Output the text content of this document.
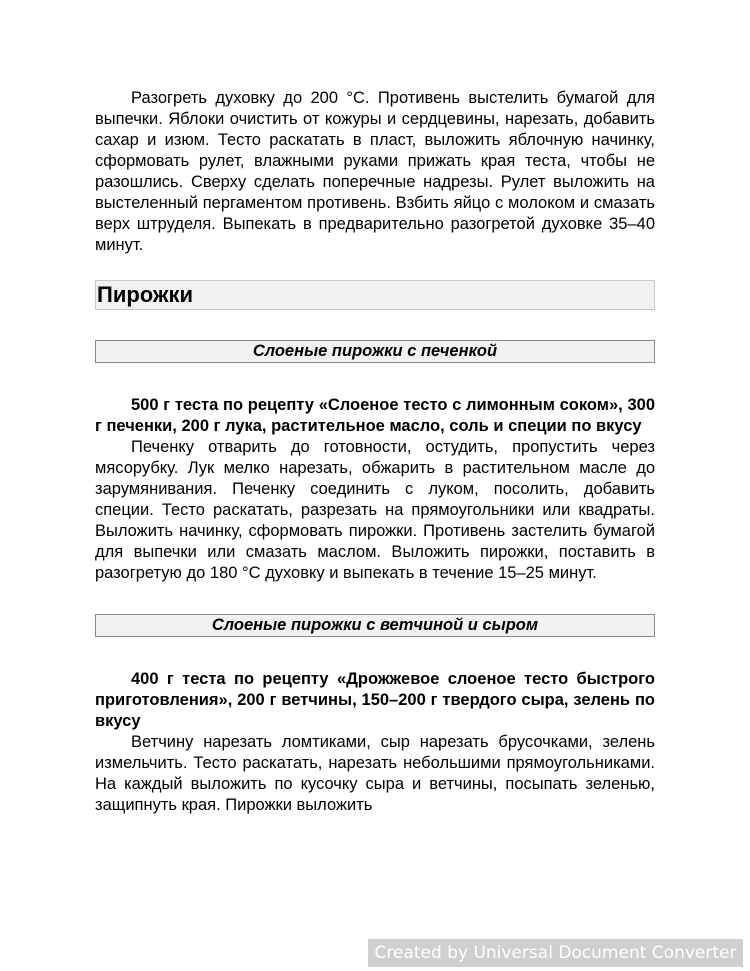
Разогреть духовку до 200 °С. Противень выстелить бумагой для выпечки. Яблоки очистить от кожуры и сердцевины, нарезать, добавить сахар и изюм. Тесто раскатать в пласт, выложить яблочную начинку, сформовать рулет, влажными руками прижать края теста, чтобы не разошлись. Сверху сделать поперечные надрезы. Рулет выложить на выстеленный пергаментом противень. Взбить яйцо с молоком и смазать верх штруделя. Выпекать в предварительно разогретой духовке 35–40 минут.

Пирожки
Слоеные пирожки с печенкой

500 г теста по рецепту «Слоеное тесто с лимонным соком», 300 г печенки, 200 г лука, растительное масло, соль и специи по вкусу

Печенку отварить до готовности, остудить, пропустить через мясорубку. Лук мелко нарезать, обжарить в растительном масле до зарумянивания. Печенку соединить с луком, посолить, добавить специи. Тесто раскатать, разрезать на прямоугольники или квадраты. Выложить начинку, сформовать пирожки. Противень застелить бумагой для выпечки или смазать маслом. Выложить пирожки, поставить в разогретую до 180 °С духовку и выпекать в течение 15–25 минут.

Слоеные пирожки с ветчиной и сыром

400 г теста по рецепту «Дрожжевое слоеное тесто быстрого приготовления», 200 г ветчины, 150–200 г твердого сыра, зелень по вкусу

Ветчину нарезать ломтиками, сыр нарезать брусочками, зелень измельчить. Тесто раскатать, нарезать небольшими прямоугольниками. На каждый выложить по кусочку сыра и ветчины, посыпать зеленью, защипнуть края. Пирожки выложить

Created by Universal Document Converter
